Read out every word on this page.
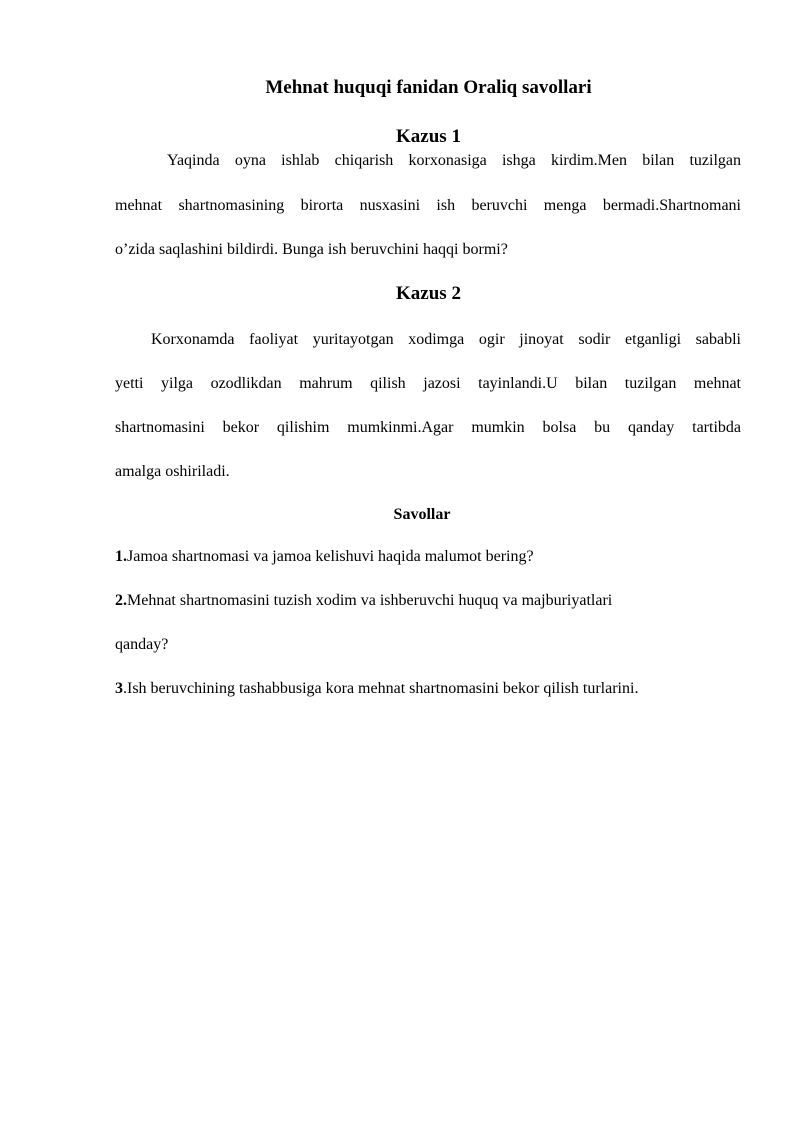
Mehnat huquqi fanidan Oraliq savollari
Kazus 1

Yaqinda oyna ishlab chiqarish korxonasiga ishga kirdim.Men bilan tuzilgan

mehnat shartnomasining birorta nusxasini ish beruvchi menga bermadi.Shartnomani

o’zida saqlashini bildirdi. Bunga ish beruvchini haqqi bormi?

Kazus 2

Korxonamda faoliyat yuritayotgan xodimga ogir jinoyat sodir etganligi sababli

yetti yilga ozodlikdan mahrum qilish jazosi tayinlandi.U bilan tuzilgan mehnat

shartnomasini bekor qilishim mumkinmi.Agar mumkin bolsa bu qanday tartibda

amalga oshiriladi.

Savollar

1.Jamoa shartnomasi va jamoa kelishuvi haqida malumot bering?

2.Mehnat shartnomasini tuzish xodim va ishberuvchi huquq va majburiyatlari

qanday?

3.Ish beruvchining tashabbusiga kora mehnat shartnomasini bekor qilish turlarini.
